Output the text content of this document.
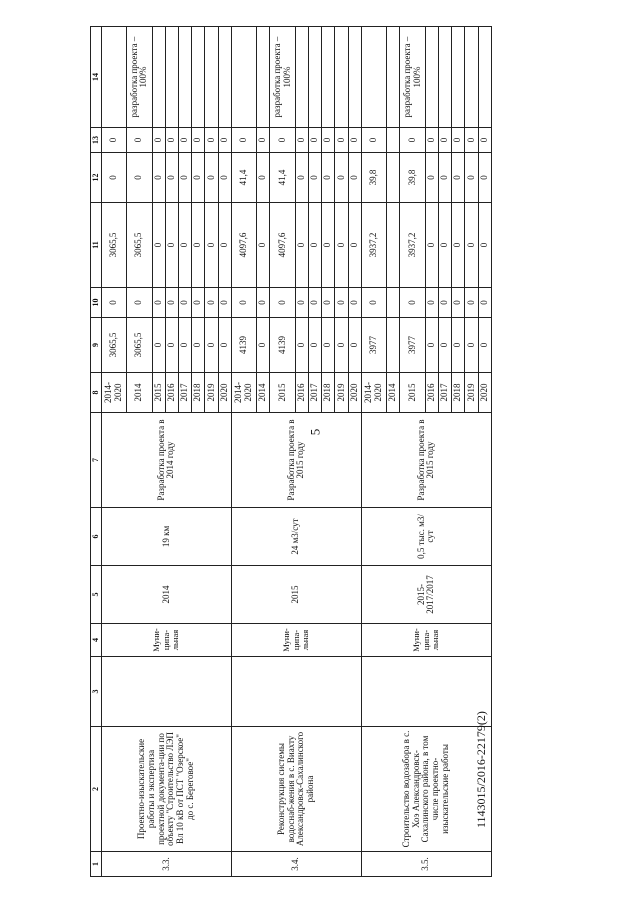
5
1	2	3	4	5	6	7	8	9	10	11	12	13	14
3.3.	Проектно-изыскательские работы и экспертиза проектной документа-ции по объекту "Строительство ЛЭП Вл 10 кВ от ПСТ "Озерское" до с. Береговое"		Муни-ципа-льная	2014	19 км	Разработка проекта в 2014 году	2014-2020	3065,5	0	3065,5	0	0	
							2014	3065,5	0	3065,5	0	0	разработка проекта – 100%
							2015	0	0	0	0	0	
							2016	0	0	0	0	0	
							2017	0	0	0	0	0	
							2018	0	0	0	0	0	
							2019	0	0	0	0	0	
							2020	0	0	0	0	0	
3.4.	Реконструкция системы водоснаб-жения в с. Виахту Александровск-Сахалинского района		Муни-ципа-льная	2015	24 м3/сут	Разработка проекта в 2015 году	2014-2020	4139	0	4097,6	41,4	0	
							2014	0	0	0	0	0	
							2015	4139	0	4097,6	41,4	0	разработка проекта – 100%
							2016	0	0	0	0	0	
							2017	0	0	0	0	0	
							2018	0	0	0	0	0	
							2019	0	0	0	0	0	
							2020	0	0	0	0	0	
3.5.	Строительство водозабора в с. Хоэ Александровск-Сахалинского района, в том числе проектно-изыскательские работы		Муни-ципа-льная	2015-2017/2017	0,5 тыс. м3/сут	Разработка проекта в 2015 году	2014-2020	3977	0	3937,2	39,8	0	
							2014						
							2015	3977	0	3937,2	39,8	0	разработка проекта – 100%
							2016	0	0	0	0	0	
							2017	0	0	0	0	0	
							2018	0	0	0	0	0	
							2019	0	0	0	0	0	
							2020	0	0	0	0	0	
1143015/2016-22179(2)
